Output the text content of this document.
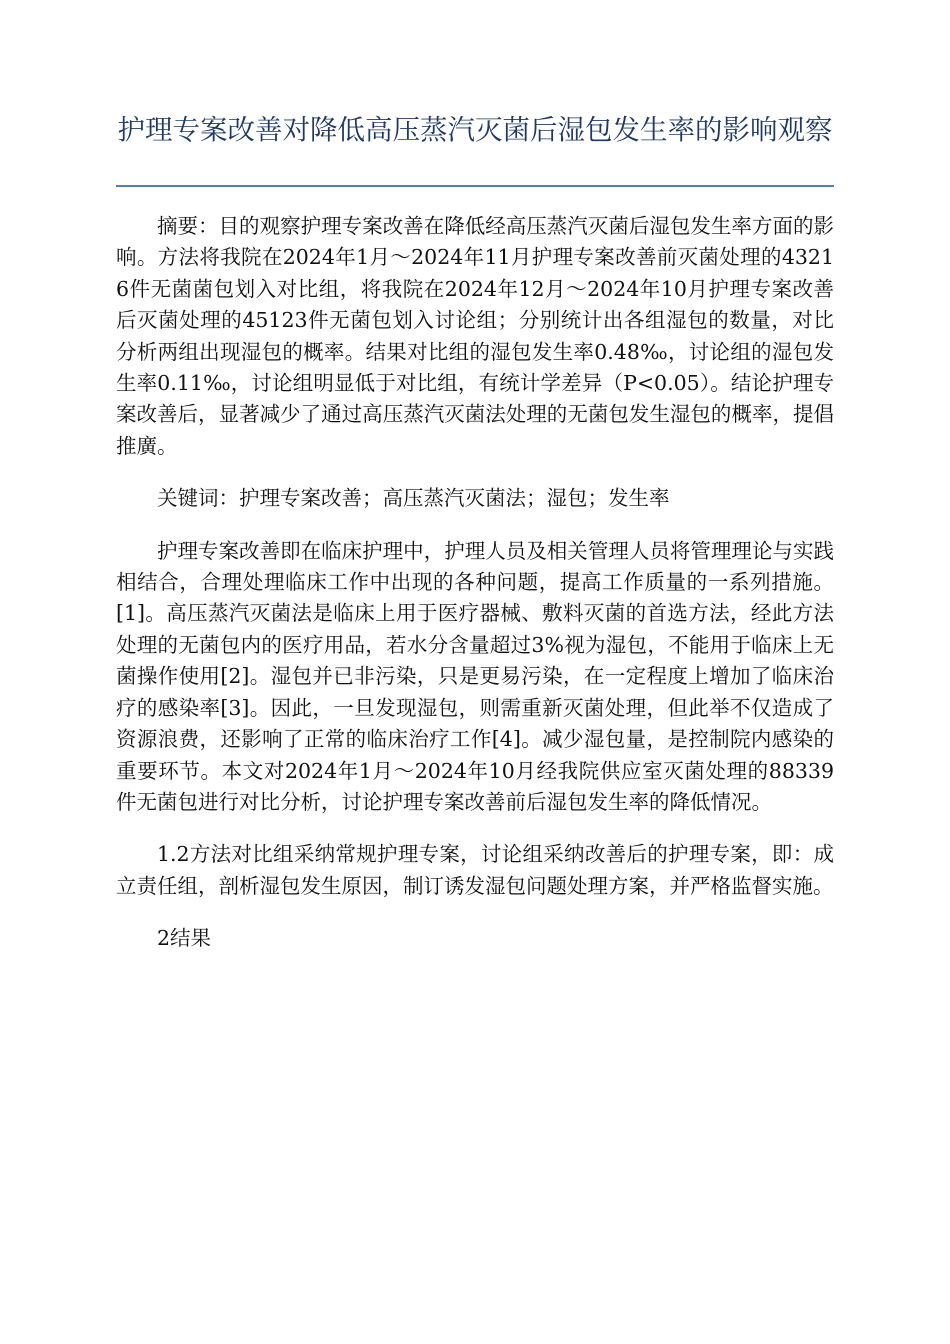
护理专案改善对降低高压蒸汽灭菌后湿包发生率的影响观察

摘要：目的观察护理专案改善在降低经高压蒸汽灭菌后湿包发生率方面的影响。方法将我院在2024年1月～2024年11月护理专案改善前灭菌处理的43216件无菌菌包划入对比组，将我院在2024年12月～2024年10月护理专案改善后灭菌处理的45123件无菌包划入讨论组；分别统计出各组湿包的数量，对比分析两组出现湿包的概率。结果对比组的湿包发生率0.48‰，讨论组的湿包发生率0.11‰，讨论组明显低于对比组，有统计学差异（P<0.05）。结论护理专案改善后，显著减少了通过高压蒸汽灭菌法处理的无菌包发生湿包的概率，提倡推廣。

关键词：护理专案改善；高压蒸汽灭菌法；湿包；发生率

护理专案改善即在临床护理中，护理人员及相关管理人员将管理理论与实践相结合，合理处理临床工作中出现的各种问题，提高工作质量的一系列措施。[1]。高压蒸汽灭菌法是临床上用于医疗器械、敷料灭菌的首选方法，经此方法处理的无菌包内的医疗用品，若水分含量超过3%视为湿包，不能用于临床上无菌操作使用[2]。湿包并已非污染，只是更易污染，在一定程度上增加了临床治疗的感染率[3]。因此，一旦发现湿包，则需重新灭菌处理，但此举不仅造成了资源浪费，还影响了正常的临床治疗工作[4]。减少湿包量，是控制院内感染的重要环节。本文对2024年1月～2024年10月经我院供应室灭菌处理的88339件无菌包进行对比分析，讨论护理专案改善前后湿包发生率的降低情况。

1.2方法对比组采纳常规护理专案，讨论组采纳改善后的护理专案，即：成立责任组，剖析湿包发生原因，制订诱发湿包问题处理方案，并严格监督实施。

2结果
